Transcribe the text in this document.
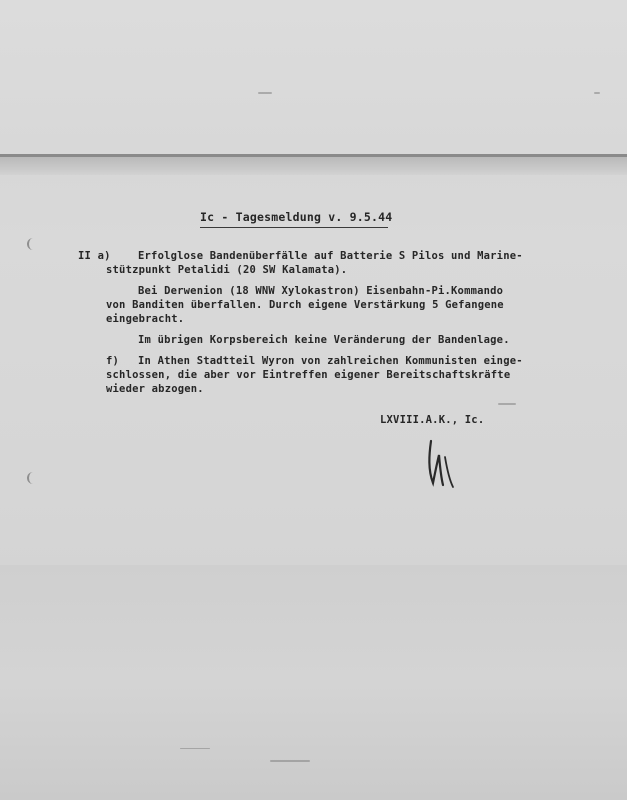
Ic - Tagesmeldung v. 9.5.44
II a)	Erfolglose Bandenüberfälle auf Batterie S Pilos und Marine-
stützpunkt Petalidi (20 SW Kalamata).
Bei Derwenion (18 WNW Xylokastron) Eisenbahn-Pi.Kommando
von Banditen überfallen. Durch eigene Verstärkung 5 Gefangene
eingebracht.
Im übrigen Korpsbereich keine Veränderung der Bandenlage.
f) In Athen Stadtteil Wyron von zahlreichen Kommunisten einge-
schlossen, die aber vor Eintreffen eigener Bereitschaftskräfte
wieder abzogen.
LXVIII.A.K., Ic.
